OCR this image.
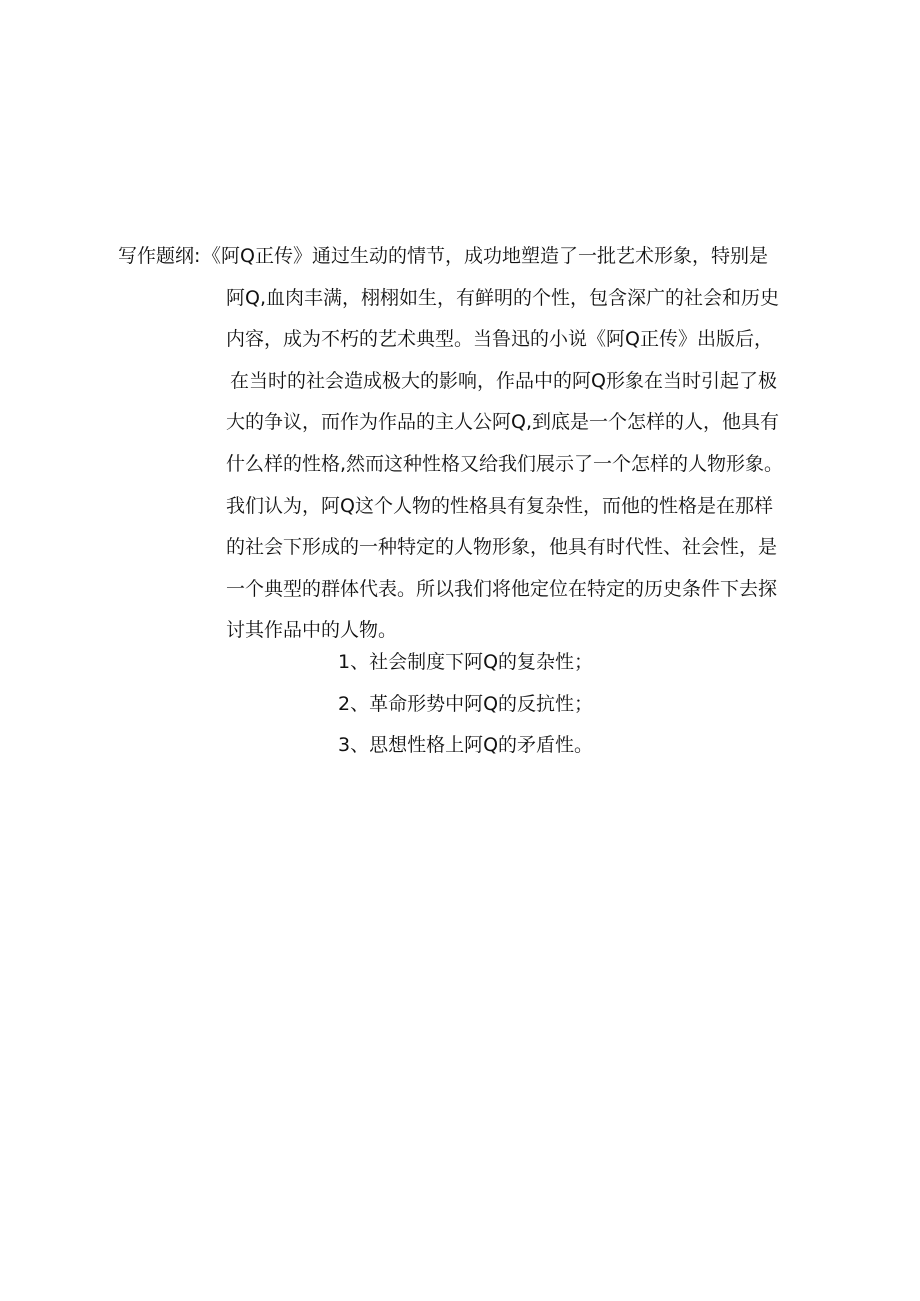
写作题纲: 《阿Q正传》通过生动的情节，成功地塑造了一批艺术形象，特别是
阿Q,血肉丰满，栩栩如生，有鲜明的个性，包含深广的社会和历史
内容，成为不朽的艺术典型。当鲁迅的小说《阿Q正传》出版后，
在当时的社会造成极大的影响，作品中的阿Q形象在当时引起了极
大的争议，而作为作品的主人公阿Q,到底是一个怎样的人，他具有
什么样的性格,然而这种性格又给我们展示了一个怎样的人物形象。
我们认为，阿Q这个人物的性格具有复杂性，而他的性格是在那样
的社会下形成的一种特定的人物形象，他具有时代性、社会性，是
一个典型的群体代表。所以我们将他定位在特定的历史条件下去探
讨其作品中的人物。
1、社会制度下阿Q的复杂性；
2、革命形势中阿Q的反抗性；
3、思想性格上阿Q的矛盾性。
